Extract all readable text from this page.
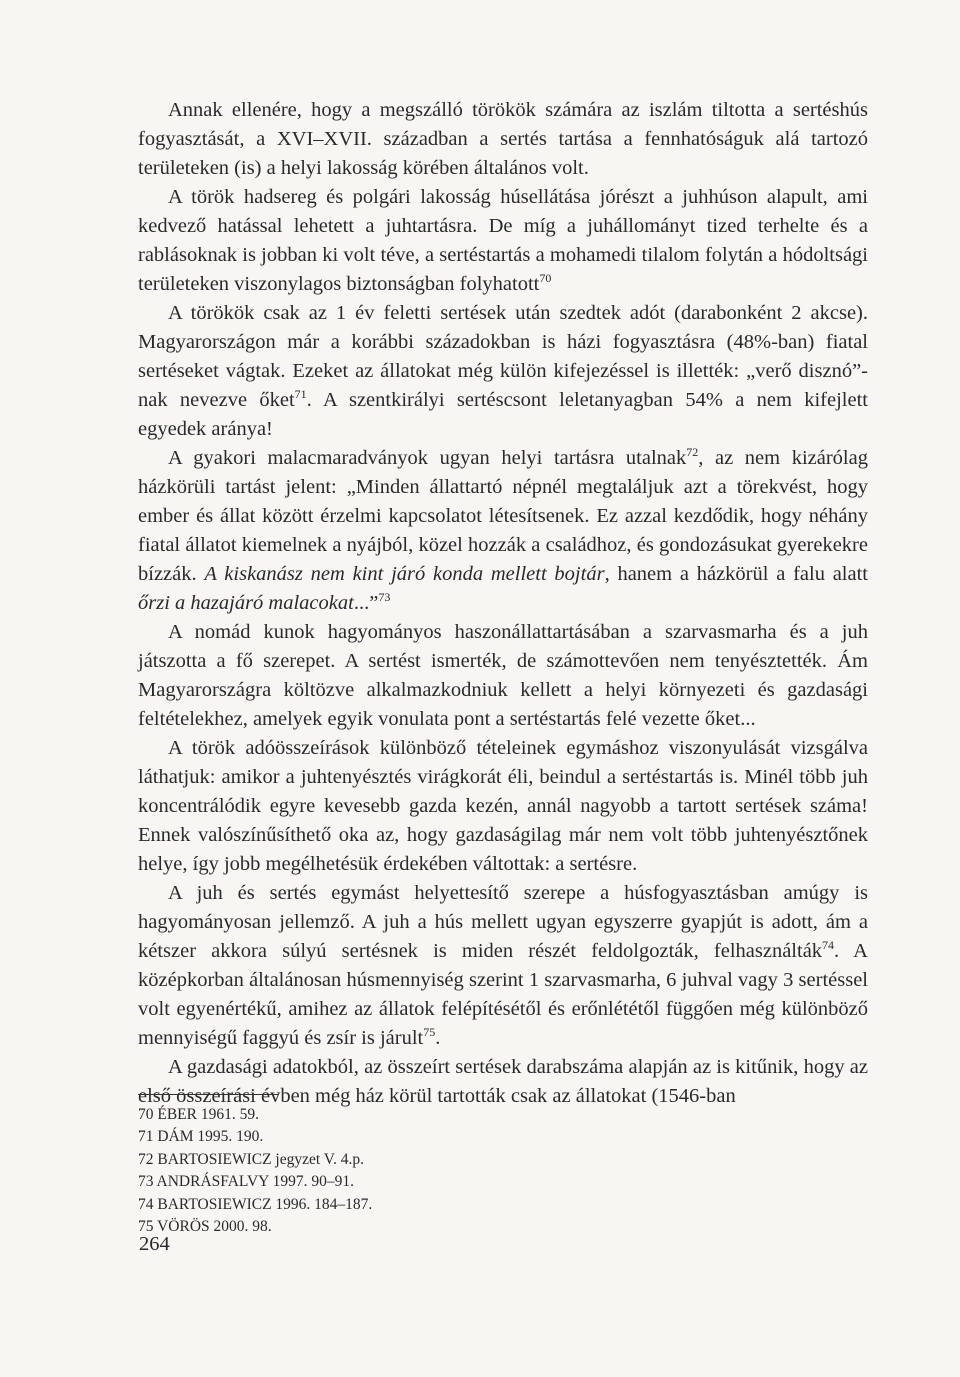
Annak ellenére, hogy a megszálló törökök számára az iszlám tiltotta a sertéshús fogyasztását, a XVI–XVII. században a sertés tartása a fennhatóságuk alá tartozó területeken (is) a helyi lakosság körében általános volt.

A török hadsereg és polgári lakosság húsellátása jórészt a juhhúson alapult, ami kedvező hatással lehetett a juhtartásra. De míg a juhállományt tized terhelte és a rablásoknak is jobban ki volt téve, a sertéstartás a mohamedi tilalom folytán a hódoltsági területeken viszonylagos biztonságban folyhatott$^{70}$

A törökök csak az 1 év feletti sertések után szedtek adót (darabonként 2 akcse). Magyarországon már a korábbi századokban is házi fogyasztásra (48%-ban) fiatal sertéseket vágtak. Ezeket az állatokat még külön kifejezéssel is illették: „verő disznó”-nak nevezve őket$^{71}$. A szentkirályi sertéscsont leletanyagban 54% a nem kifejlett egyedek aránya!

A gyakori malacmaradványok ugyan helyi tartásra utalnak$^{72}$, az nem kizárólag házkörüli tartást jelent: „Minden állattartó népnél megtaláljuk azt a törekvést, hogy ember és állat között érzelmi kapcsolatot létesítsenek. Ez azzal kezdődik, hogy néhány fiatal állatot kiemelnek a nyájból, közel hozzák a családhoz, és gondozásukat gyerekekre bízzák. A kiskanász nem kint járó konda mellett bojtár, hanem a házkörül a falu alatt őrzi a hazajáró malacokat...”$^{73}$

A nomád kunok hagyományos haszonállattartásában a szarvasmarha és a juh játszotta a fő szerepet. A sertést ismerték, de számottevően nem tenyésztették. Ám Magyarországra költözve alkalmazkodniuk kellett a helyi környezeti és gazdasági feltételekhez, amelyek egyik vonulata pont a sertéstartás felé vezette őket...

A török adóösszeírások különböző tételeinek egymáshoz viszonyulását vizsgálva láthatjuk: amikor a juhtenyésztés virágkorát éli, beindul a sertéstartás is. Minél több juh koncentrálódik egyre kevesebb gazda kezén, annál nagyobb a tartott sertések száma! Ennek valószínűsíthető oka az, hogy gazdaságilag már nem volt több juhtenyésztőnek helye, így jobb megélhetésük érdekében váltottak: a sertésre.

A juh és sertés egymást helyettesítő szerepe a húsfogyasztásban amúgy is hagyományosan jellemző. A juh a hús mellett ugyan egyszerre gyapjút is adott, ám a kétszer akkora súlyú sertésnek is miden részét feldolgozták, felhasználták$^{74}$. A középkorban általánosan húsmennyiség szerint 1 szarvasmarha, 6 juhval vagy 3 sertéssel volt egyenértékű, amihez az állatok felépítésétől és erőnlététől függően még különböző mennyiségű faggyú és zsír is járult$^{75}$.

A gazdasági adatokból, az összeírt sertések darabszáma alapján az is kitűnik, hogy az első összeírási évben még ház körül tartották csak az állatokat (1546-ban

70 ÉBER 1961. 59.
71 DÁM 1995. 190.
72 BARTOSIEWICZ jegyzet V. 4.p.
73 ANDRÁSFALVY 1997. 90–91.
74 BARTOSIEWICZ 1996. 184–187.
75 VÖRÖS 2000. 98.
264
